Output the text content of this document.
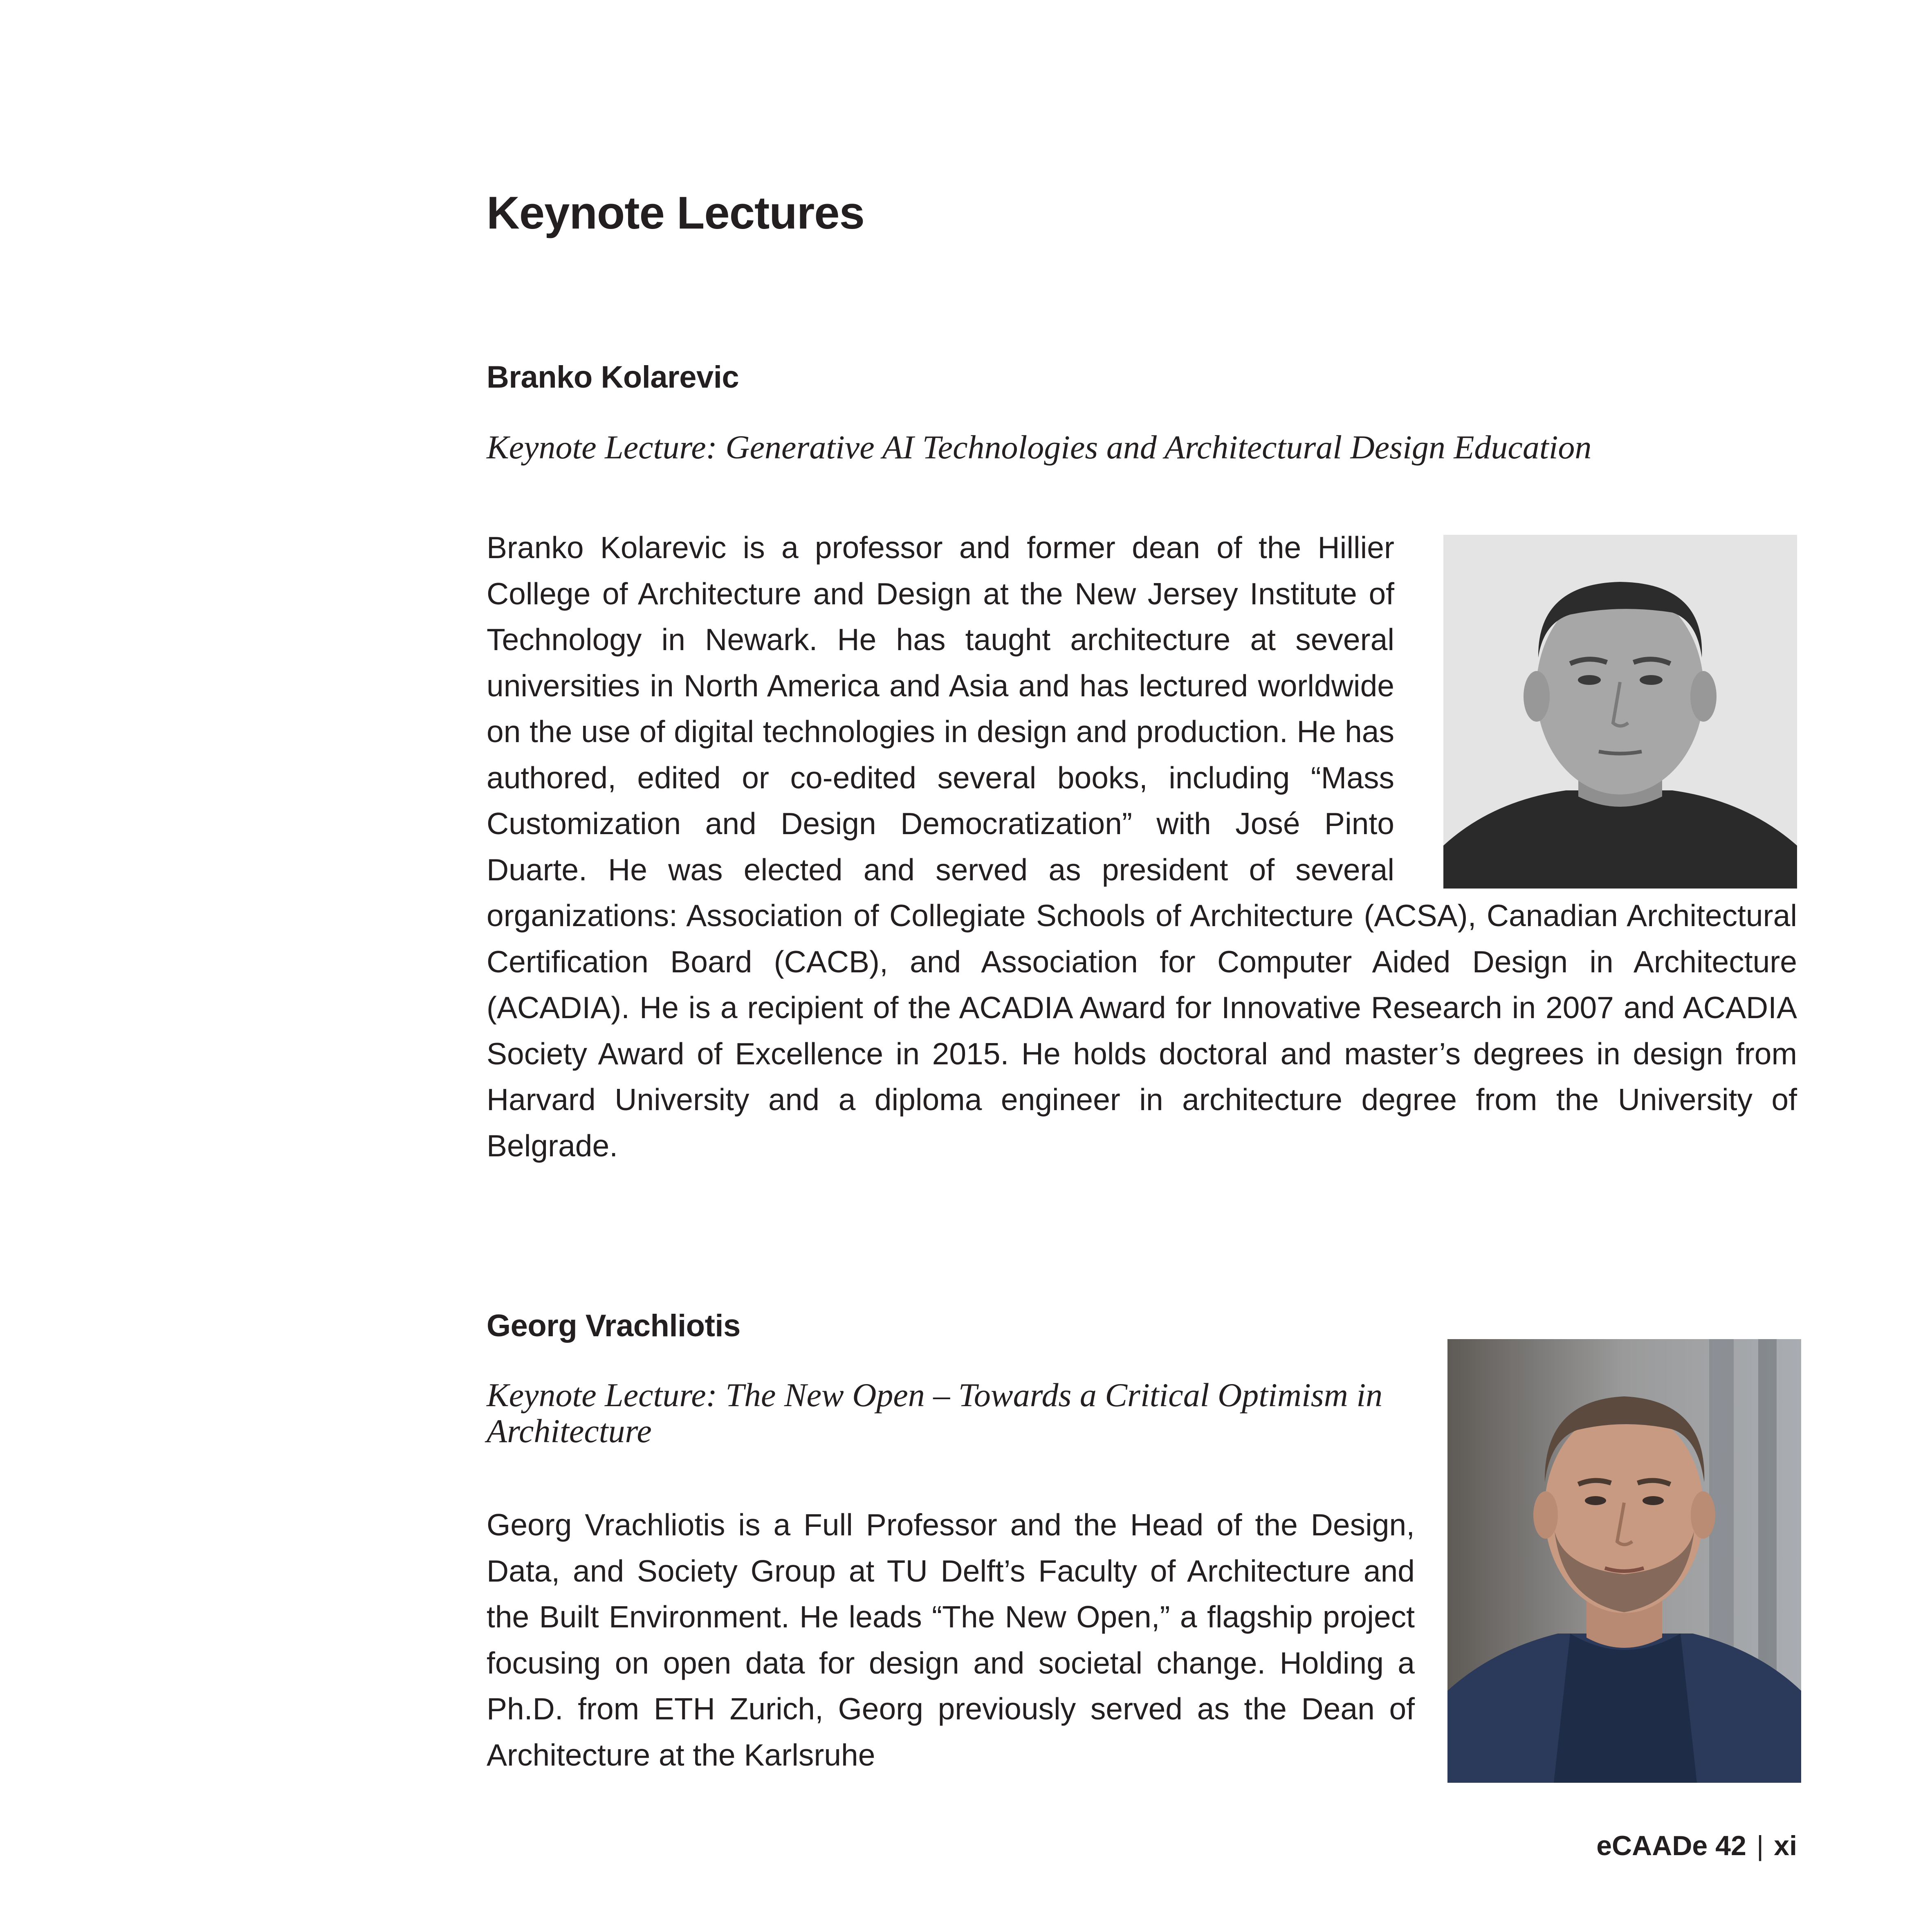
Keynote Lectures
Branko Kolarevic

Keynote Lecture: Generative AI Technologies and Architectural Design Education

Branko Kolarevic is a professor and former dean of the Hillier College of Architecture and Design at the New Jersey Institute of Technology in Newark. He has taught architecture at several universities in North America and Asia and has lectured worldwide on the use of digital technologies in design and production. He has authored, edited or co-edited several books, including “Mass Customization and Design Democratization” with José Pinto Duarte. He was elected and served as president of several organizations: Association of Collegiate Schools of Architecture (ACSA), Canadian Architectural Certification Board (CACB), and Association for Computer Aided Design in Architecture (ACADIA). He is a recipient of the ACADIA Award for Innovative Research in 2007 and ACADIA Society Award of Excellence in 2015. He holds doctoral and master’s degrees in design from Harvard University and a diploma engineer in architecture degree from the University of Belgrade.
Georg Vrachliotis

Keynote Lecture: The New Open – Towards a Critical Optimism in Architecture

Georg Vrachliotis is a Full Professor and the Head of the Design, Data, and Society Group at TU Delft’s Faculty of Architecture and the Built Environment. He leads “The New Open,” a flagship project focusing on open data for design and societal change. Holding a Ph.D. from ETH Zurich, Georg previously served as the Dean of Architecture at the Karlsruhe
eCAADe 42 | xi
